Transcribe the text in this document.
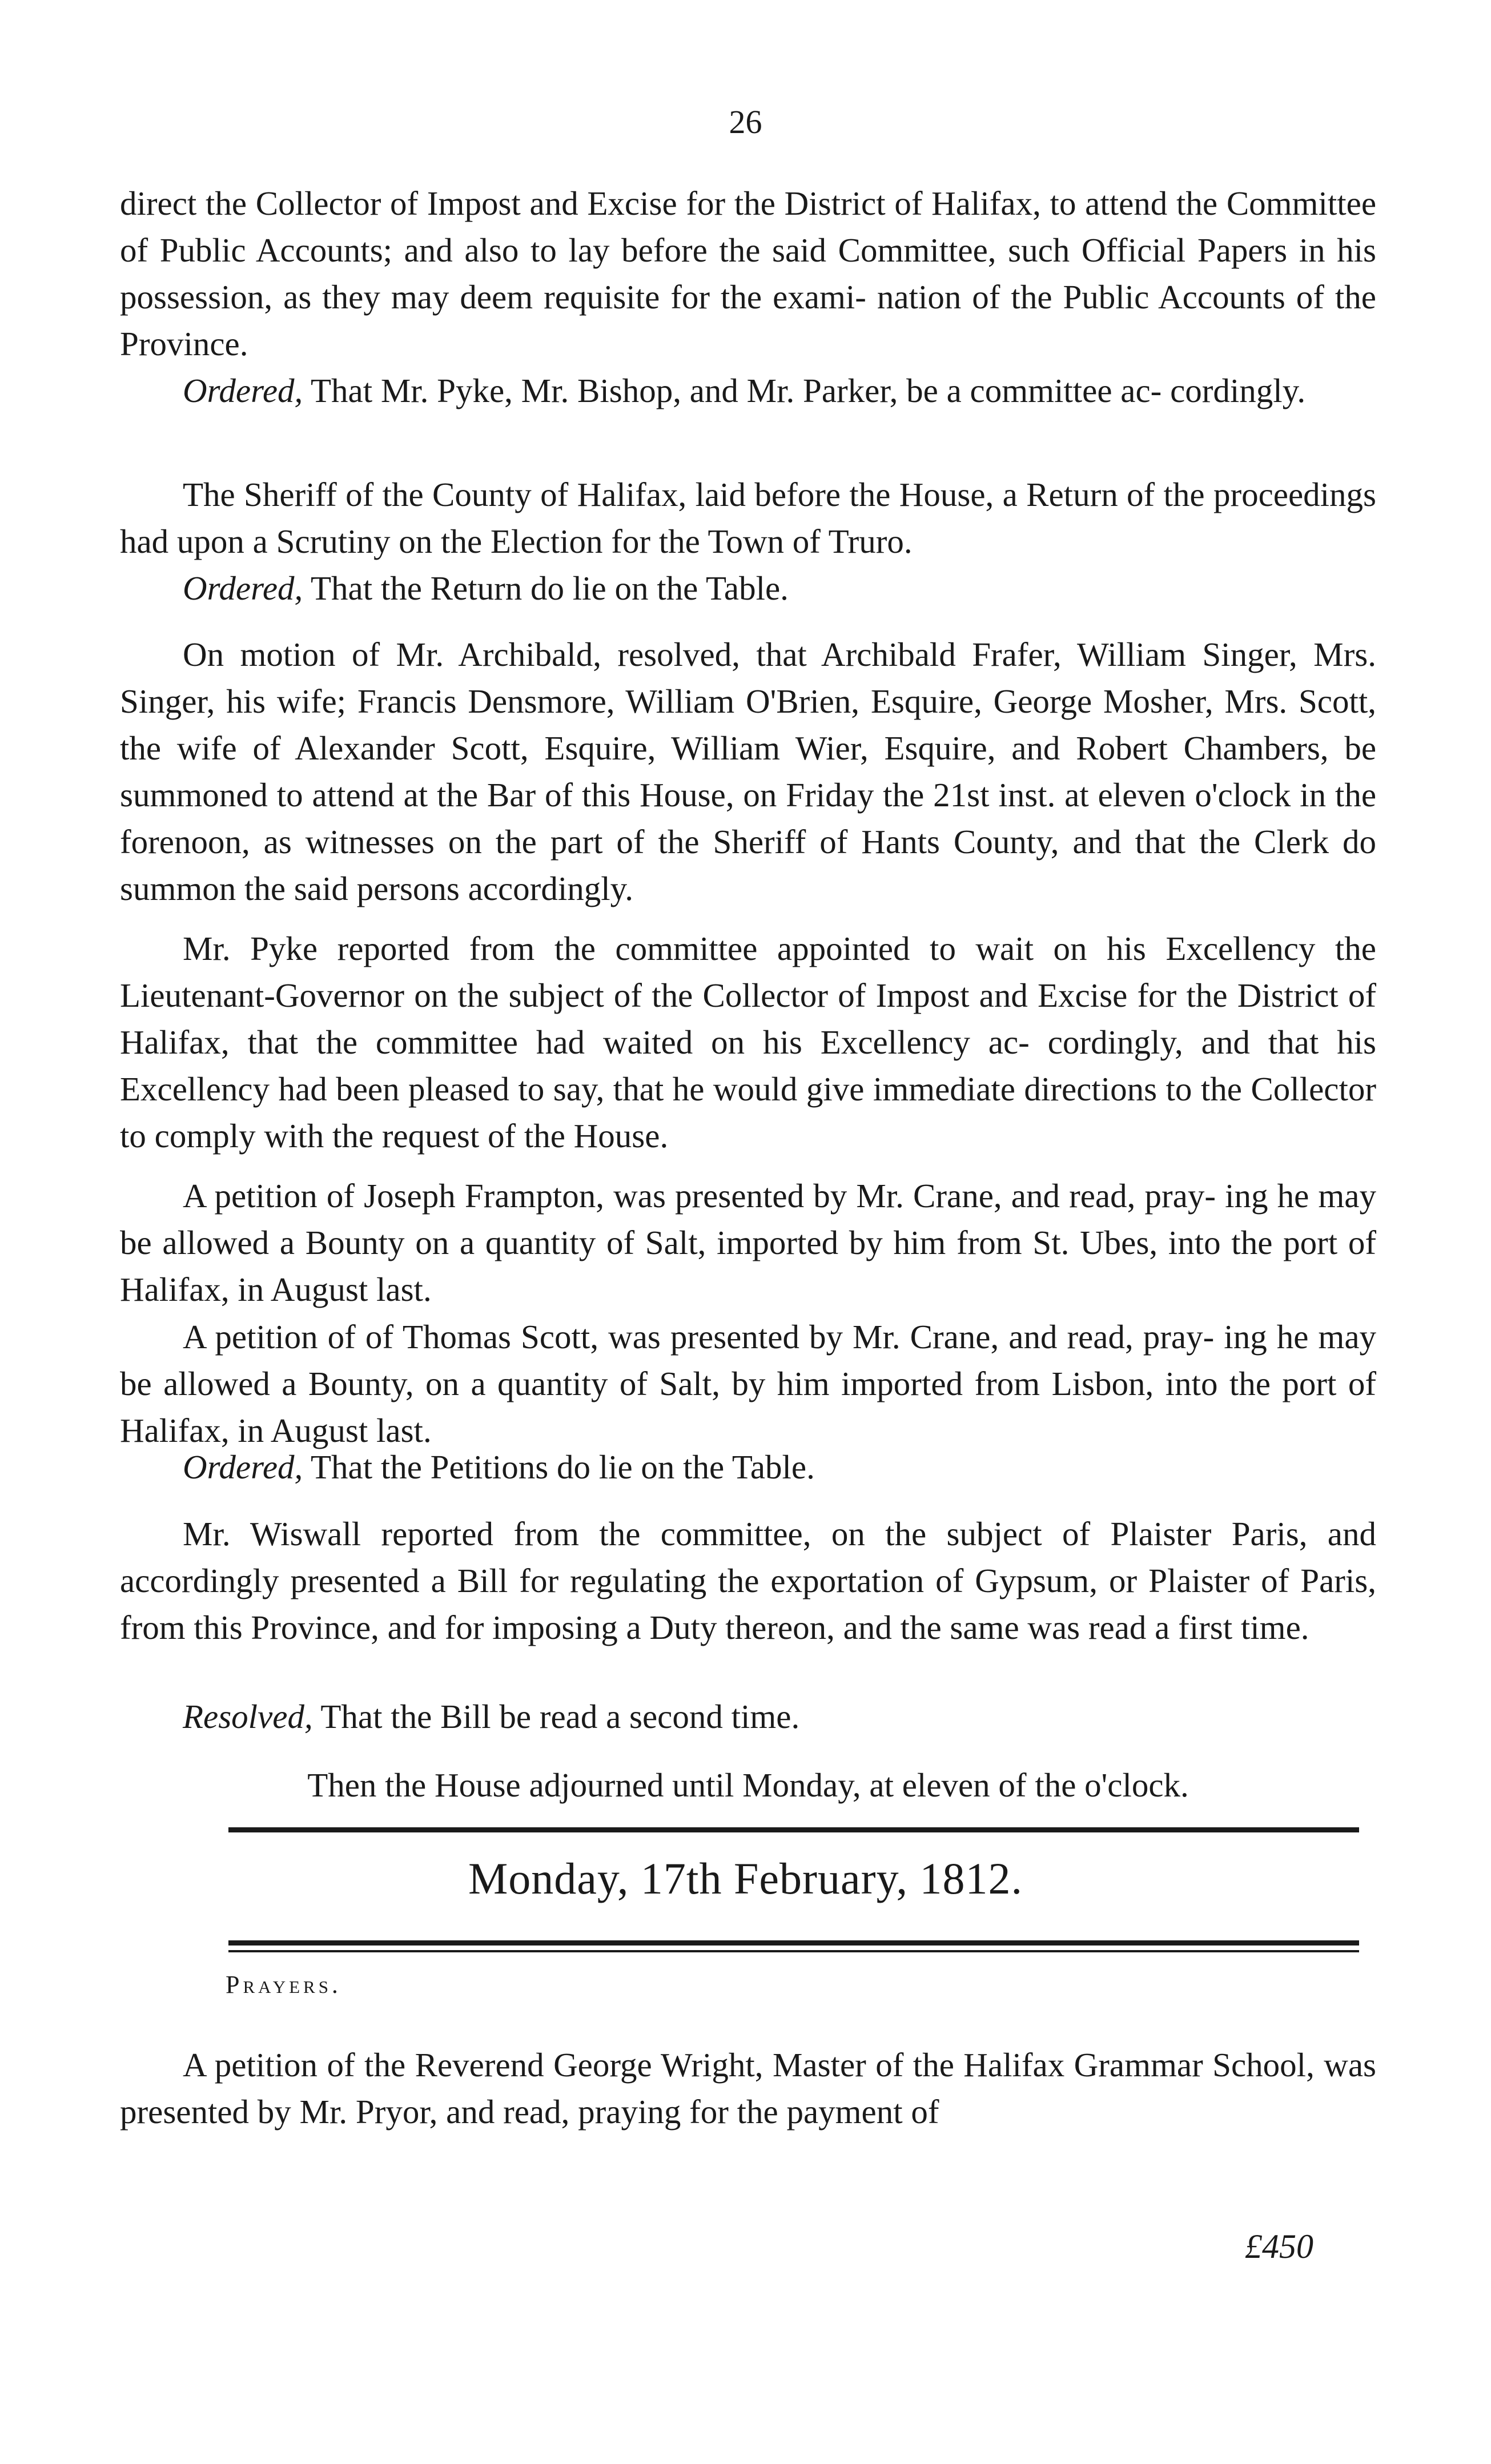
26

direct the Collector of Impost and Excise for the District of Halifax, to attend the Committee of Public Accounts; and also to lay before the said Committee, such Official Papers in his possession, as they may deem requisite for the exami- nation of the Public Accounts of the Province.

Ordered, That Mr. Pyke, Mr. Bishop, and Mr. Parker, be a committee ac- cordingly.

The Sheriff of the County of Halifax, laid before the House, a Return of the proceedings had upon a Scrutiny on the Election for the Town of Truro.

Ordered, That the Return do lie on the Table.

On motion of Mr. Archibald, resolved, that Archibald Frafer, William Singer, Mrs. Singer, his wife; Francis Densmore, William O'Brien, Esquire, George Mosher, Mrs. Scott, the wife of Alexander Scott, Esquire, William Wier, Esquire, and Robert Chambers, be summoned to attend at the Bar of this House, on Friday the 21st inst. at eleven o'clock in the forenoon, as witnesses on the part of the Sheriff of Hants County, and that the Clerk do summon the said persons accordingly.

Mr. Pyke reported from the committee appointed to wait on his Excellency the Lieutenant-Governor on the subject of the Collector of Impost and Excise for the District of Halifax, that the committee had waited on his Excellency ac- cordingly, and that his Excellency had been pleased to say, that he would give immediate directions to the Collector to comply with the request of the House.

A petition of Joseph Frampton, was presented by Mr. Crane, and read, pray- ing he may be allowed a Bounty on a quantity of Salt, imported by him from St. Ubes, into the port of Halifax, in August last.

A petition of of Thomas Scott, was presented by Mr. Crane, and read, pray- ing he may be allowed a Bounty, on a quantity of Salt, by him imported from Lisbon, into the port of Halifax, in August last.

Ordered, That the Petitions do lie on the Table.

Mr. Wiswall reported from the committee, on the subject of Plaister Paris, and accordingly presented a Bill for regulating the exportation of Gypsum, or Plaister of Paris, from this Province, and for imposing a Duty thereon, and the same was read a first time.

Resolved, That the Bill be read a second time.

Then the House adjourned until Monday, at eleven of the o'clock.

Monday, 17th February, 1812.
Prayers.

A petition of the Reverend George Wright, Master of the Halifax Grammar School, was presented by Mr. Pryor, and read, praying for the payment of

£450
